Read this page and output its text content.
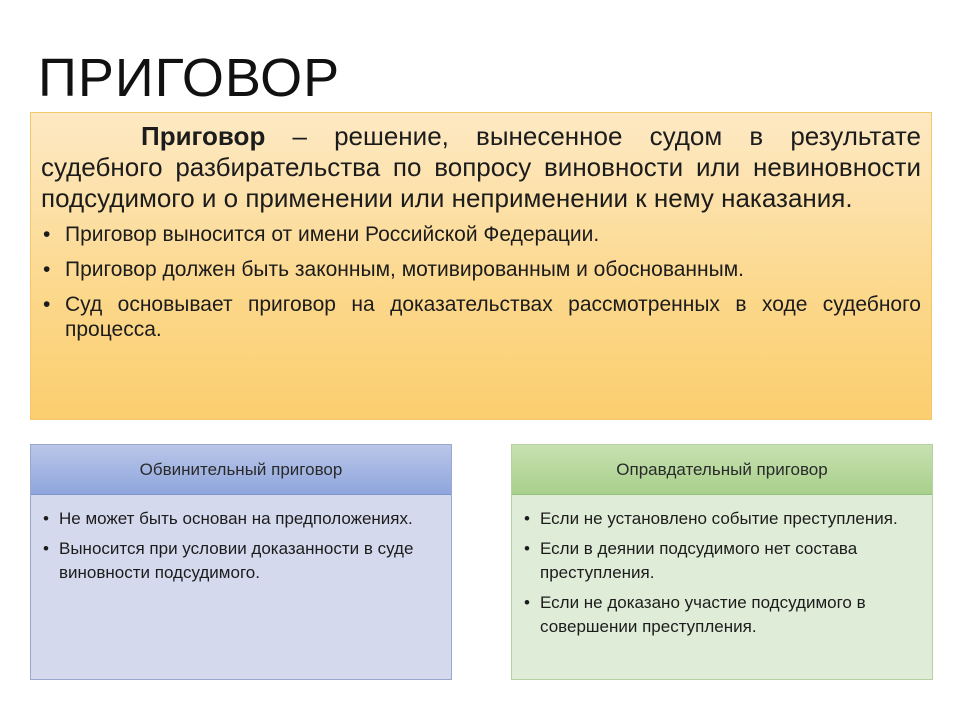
ПРИГОВОР

Приговор – решение, вынесенное судом в результате судебного разбирательства по вопросу виновности или невиновности подсудимого и о применении или неприменении к нему наказания.

• Приговор выносится от имени Российской Федерации.
• Приговор должен быть законным, мотивированным и обоснованным.
• Суд основывает приговор на доказательствах рассмотренных в ходе судебного процесса.
Обвинительный приговор
• Не может быть основан на предположениях.
• Выносится при условии доказанности в суде виновности подсудимого.
Оправдательный приговор
• Если не установлено событие преступления.
• Если в деянии подсудимого нет состава преступления.
• Если не доказано участие подсудимого в совершении преступления.
